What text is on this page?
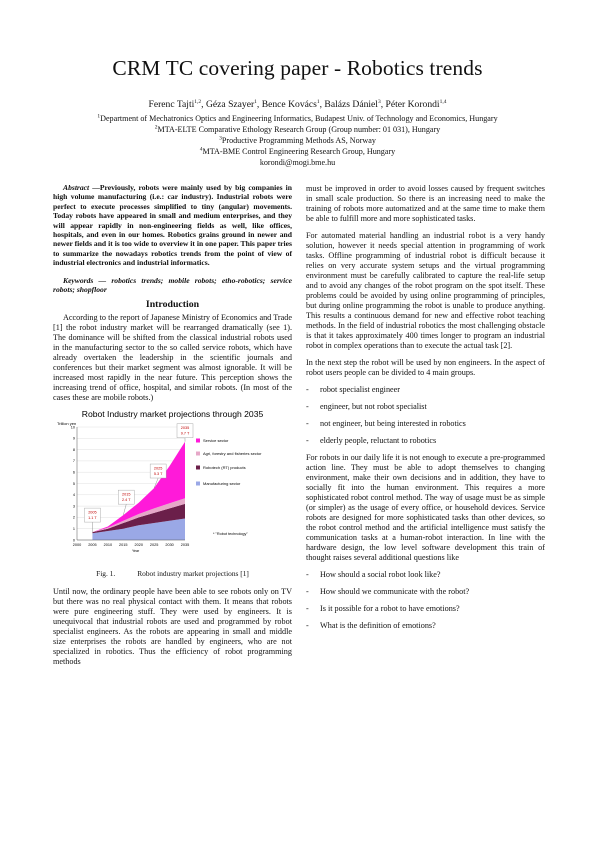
CRM TC covering paper - Robotics trends
Ferenc Tajti$^{1,2}$, Géza Szayer$^1$, Bence Kovács$^1$, Balázs Dániel$^3$, Péter Korondi$^{1,4}$
$^1$Department of Mechatronics Optics and Engineering Informatics, Budapest Univ. of Technology and Economics, Hungary
$^2$MTA-ELTE Comparative Ethology Research Group (Group number: 01 031), Hungary
$^3$Productive Programming Methods AS, Norway
$^4$MTA-BME Control Engineering Research Group, Hungary
korondi@mogi.bme.hu

Abstract —Previously, robots were mainly used by big companies in high volume manufacturing (i.e.: car industry). Industrial robots were perfect to execute processes simplified to tiny (angular) movements. Today robots have appeared in small and medium enterprises, and they will appear rapidly in non-engineering fields as well, like offices, hospitals, and even in our homes. Robotics grains ground in newer and newer fields and it is too wide to overview it in one paper. This paper tries to summarize the nowadays robotics trends from the point of view of industrial electronics and industrial informatics.

Keywords — robotics trends; mobile robots; etho-robotics; service robots; shopfloor

Introduction

According to the report of Japanese Ministry of Economics and Trade [1] the robot industry market will be rearranged dramatically (see 1). The dominance will be shifted from the classical industrial robots used in the manufacturing sector to the so called service robots, which have already overtaken the leadership in the scientific journals and conferences but their market segment was almost ignorable. It will be increased most rapidly in the near future. This perception shows the increasing trend of office, hospital, and similar robots. (In most of the cases these are mobile robots.)

Robot Industry market projections through 2035
Trillion yen
0
1
2
3
4
5
6
7
8
9
10
2000 2005 2010 2015 2020 2025 2030 2035
Year
2005
1.1 T
2015
2.4 T
2025
5.3 T
2035
9.7 T
Service sector
Agri, forestry and fisheries sector
Robotech (RT) products
Manufacturing sector
* "Robot technology"
Fig. 1.	Robot industry market projections [1]

Until now, the ordinary people have been able to see robots only on TV but there was no real physical contact with them. It means that robots were pure engineering stuff. They were used by engineers. It is unequivocal that industrial robots are used and programmed by robot specialist engineers. As the robots are appearing in small and middle size enterprises the robots are handled by engineers, who are not specialized in robotics. Thus the efficiency of robot programming methods

must be improved in order to avoid losses caused by frequent switches in small scale production. So there is an increasing need to make the training of robots more automatized and at the same time to make them be able to fulfill more and more sophisticated tasks.

For automated material handling an industrial robot is a very handy solution, however it needs special attention in programming of work tasks. Offline programming of industrial robot is difficult because it relies on very accurate system setups and the virtual programming environment must be carefully calibrated to capture the real-life setup and to avoid any changes of the robot program on the spot itself. These problems could be avoided by using online programming of principles, but during online programming the robot is unable to produce anything. This results a continuous demand for new and effective robot teaching methods. In the field of industrial robotics the most challenging obstacle is that it takes approximately 400 times longer to program an industrial robot in complex operations than to execute the actual task [2].

In the next step the robot will be used by non engineers. In the aspect of robot users people can be divided to 4 main groups.

- robot specialist engineer
- engineer, but not robot specialist
- not engineer, but being interested in robotics
- elderly people, reluctant to robotics

For robots in our daily life it is not enough to execute a pre-programmed action line. They must be able to adopt themselves to changing environment, make their own decisions and in addition, they have to socially fit into the human environment. This requires a more sophisticated robot control method. The way of usage must be as simple (or simpler) as the usage of every office, or household devices. Service robots are designed for more sophisticated tasks than other devices, so the robot control method and the artificial intelligence must satisfy the communication tasks at a human-robot interaction. In line with the hardware design, the low level software development this train of thought raises several additional questions like

- How should a social robot look like?
- How should we communicate with the robot?
- Is it possible for a robot to have emotions?
- What is the definition of emotions?
